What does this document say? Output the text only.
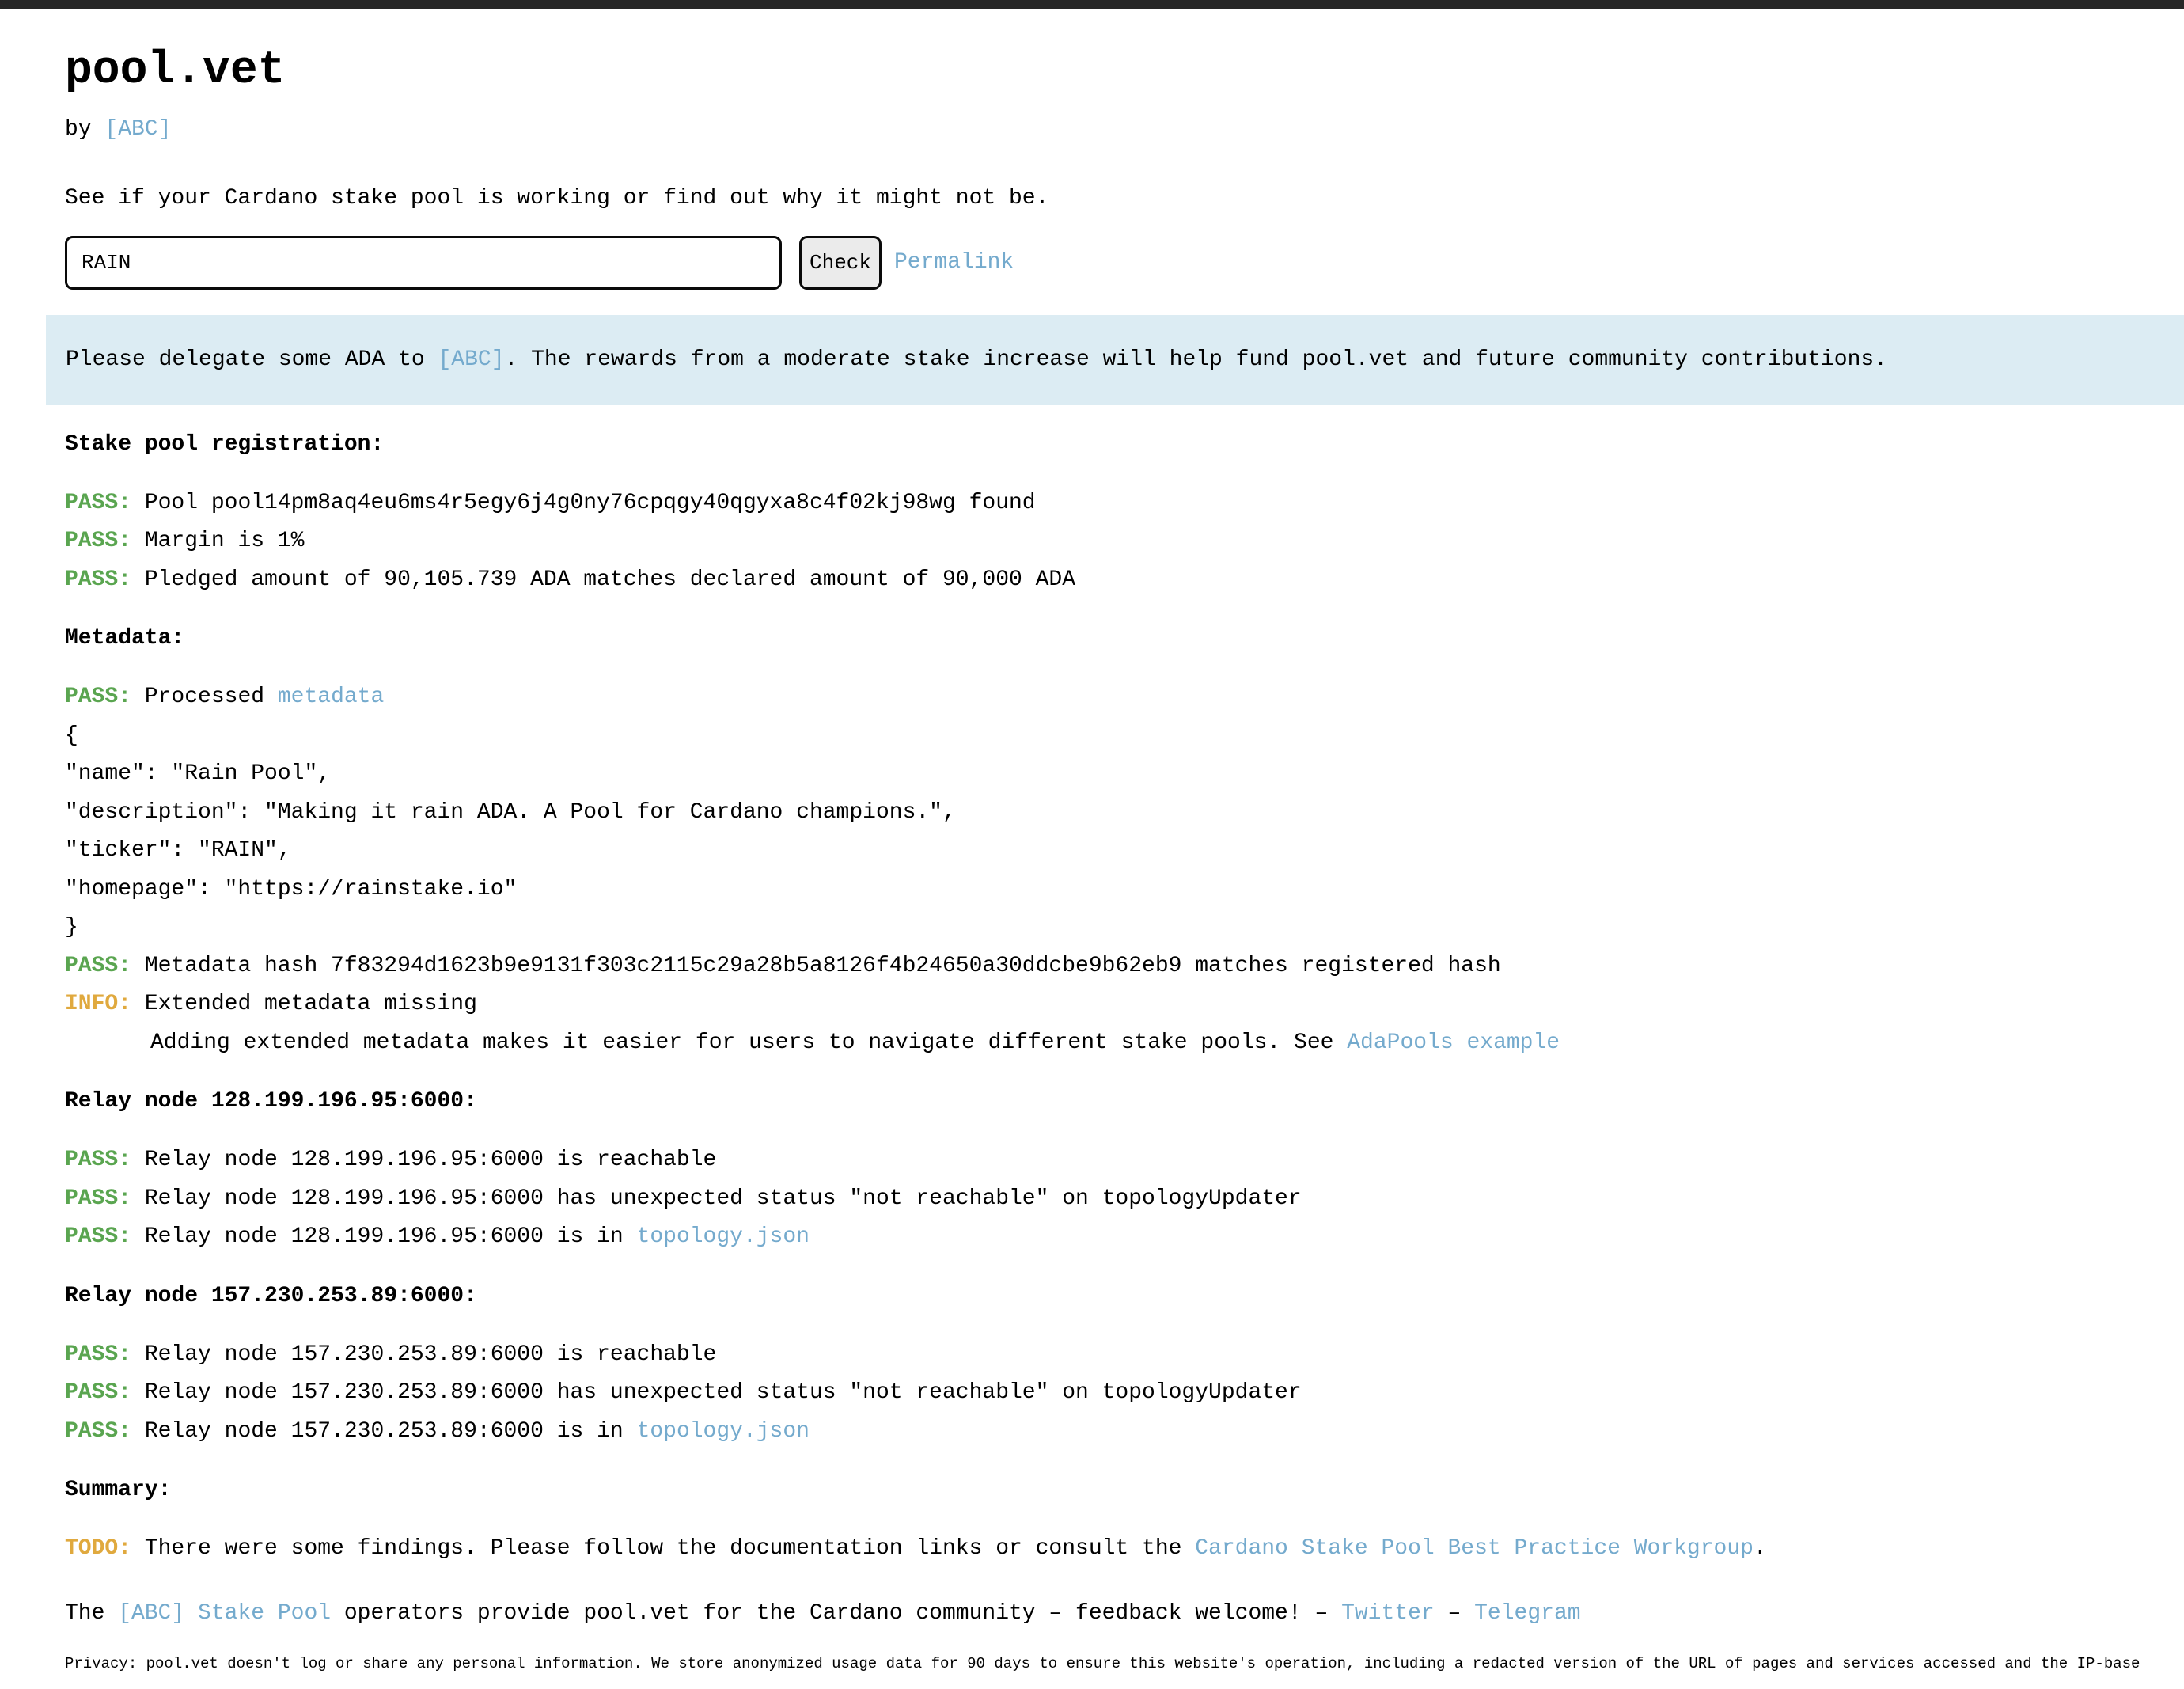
pool.vet
by [ABC]
See if your Cardano stake pool is working or find out why it might not be.
RAIN
Check	Permalink
Please delegate some ADA to [ABC]. The rewards from a moderate stake increase will help fund pool.vet and future community contributions.
Stake pool registration:
PASS: Pool pool14pm8aq4eu6ms4r5egy6j4g0ny76cpqgy40qgyxa8c4f02kj98wg found
PASS: Margin is 1%
PASS: Pledged amount of 90,105.739 ADA matches declared amount of 90,000 ADA
Metadata:
PASS: Processed metadata
{
"name": "Rain Pool",
"description": "Making it rain ADA. A Pool for Cardano champions.",
"ticker": "RAIN",
"homepage": "https://rainstake.io"
}
PASS: Metadata hash 7f83294d1623b9e9131f303c2115c29a28b5a8126f4b24650a30ddcbe9b62eb9 matches registered hash
INFO: Extended metadata missing
Adding extended metadata makes it easier for users to navigate different stake pools. See AdaPools example
Relay node 128.199.196.95:6000:
PASS: Relay node 128.199.196.95:6000 is reachable
PASS: Relay node 128.199.196.95:6000 has unexpected status "not reachable" on topologyUpdater
PASS: Relay node 128.199.196.95:6000 is in topology.json
Relay node 157.230.253.89:6000:
PASS: Relay node 157.230.253.89:6000 is reachable
PASS: Relay node 157.230.253.89:6000 has unexpected status "not reachable" on topologyUpdater
PASS: Relay node 157.230.253.89:6000 is in topology.json
Summary:
TODO: There were some findings. Please follow the documentation links or consult the Cardano Stake Pool Best Practice Workgroup.
The [ABC] Stake Pool operators provide pool.vet for the Cardano community – feedback welcome! – Twitter – Telegram
Privacy: pool.vet doesn't log or share any personal information. We store anonymized usage data for 90 days to ensure this website's operation, including a redacted version of the URL of pages and services accessed and the IP-base
